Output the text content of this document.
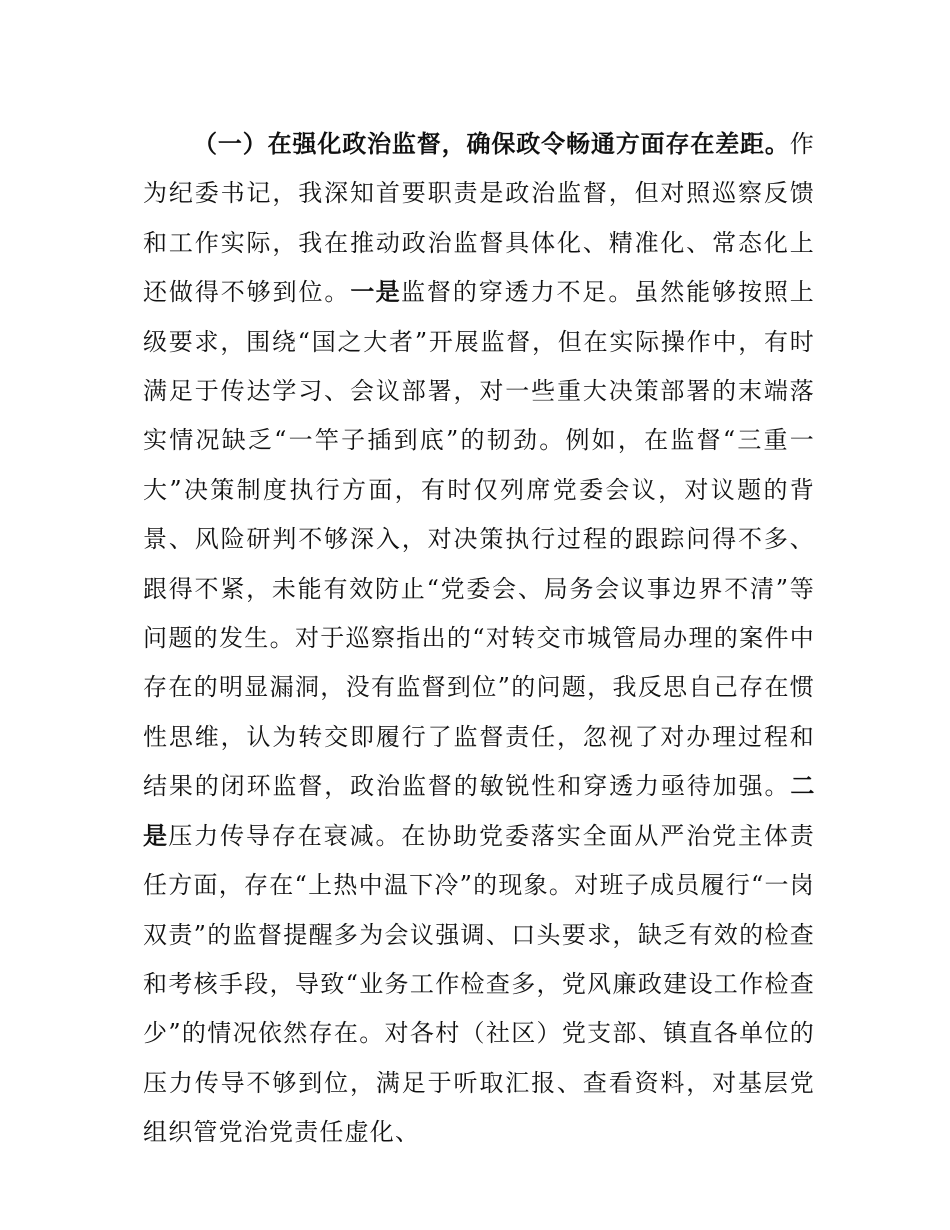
（一）在强化政治监督，确保政令畅通方面存在差距。作为纪委书记，我深知首要职责是政治监督，但对照巡察反馈和工作实际，我在推动政治监督具体化、精准化、常态化上还做得不够到位。一是监督的穿透力不足。虽然能够按照上级要求，围绕“国之大者”开展监督，但在实际操作中，有时满足于传达学习、会议部署，对一些重大决策部署的末端落实情况缺乏“一竿子插到底”的韧劲。例如，在监督“三重一大”决策制度执行方面，有时仅列席党委会议，对议题的背景、风险研判不够深入，对决策执行过程的跟踪问得不多、跟得不紧，未能有效防止“党委会、局务会议事边界不清”等问题的发生。对于巡察指出的“对转交市城管局办理的案件中存在的明显漏洞，没有监督到位”的问题，我反思自己存在惯性思维，认为转交即履行了监督责任，忽视了对办理过程和结果的闭环监督，政治监督的敏锐性和穿透力亟待加强。二是压力传导存在衰减。在协助党委落实全面从严治党主体责任方面，存在“上热中温下冷”的现象。对班子成员履行“一岗双责”的监督提醒多为会议强调、口头要求，缺乏有效的检查和考核手段，导致“业务工作检查多，党风廉政建设工作检查少”的情况依然存在。对各村（社区）党支部、镇直各单位的压力传导不够到位，满足于听取汇报、查看资料，对基层党组织管党治党责任虚化、
